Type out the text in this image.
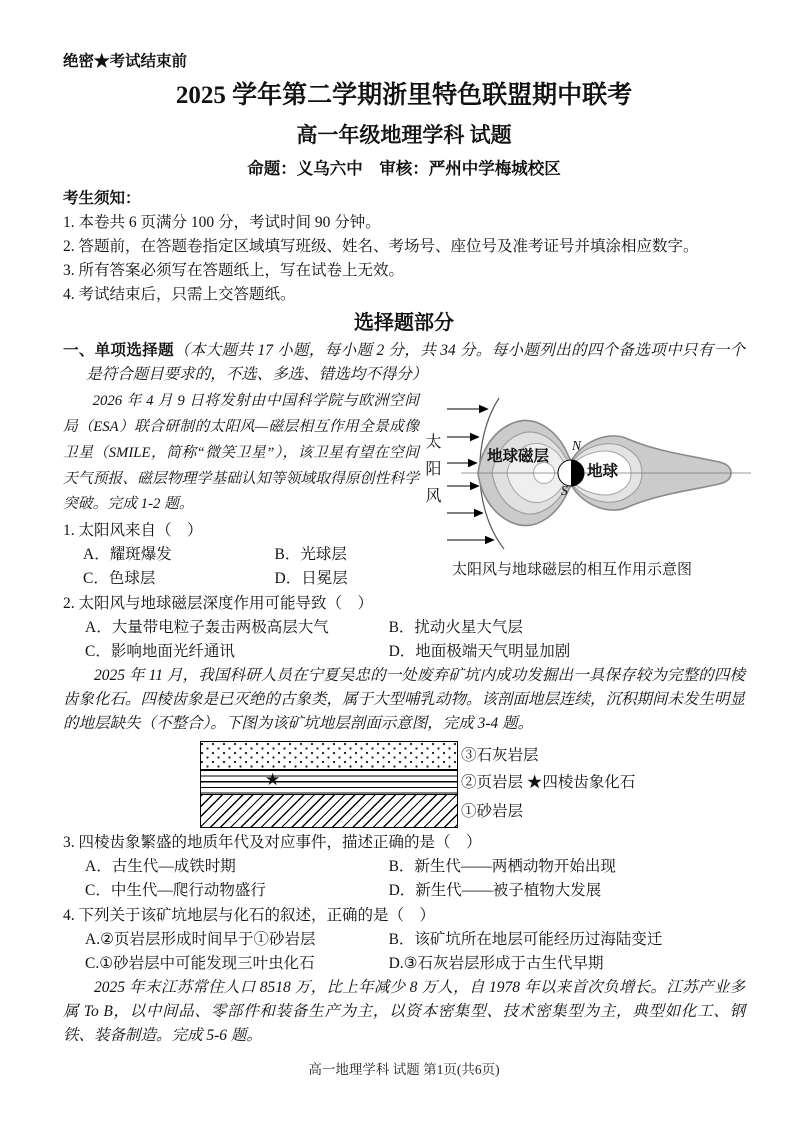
绝密★考试结束前
2025 学年第二学期浙里特色联盟期中联考
高一年级地理学科 试题
命题：义乌六中　审核：严州中学梅城校区
考生须知：
1. 本卷共 6 页满分 100 分，考试时间 90 分钟。
2. 答题前，在答题卷指定区域填写班级、姓名、考场号、座位号及准考证号并填涂相应数字。
3. 所有答案必须写在答题纸上，写在试卷上无效。
4. 考试结束后，只需上交答题纸。
选择题部分
一、单项选择题（本大题共 17 小题，每小题 2 分，共 34 分。每小题列出的四个备选项中只有一个是符合题目要求的，不选、多选、错选均不得分）
2026 年 4 月 9 日将发射由中国科学院与欧洲空间局（ESA）联合研制的太阳风—磁层相互作用全景成像卫星（SMILE，简称“微笑卫星”），该卫星有望在空间天气预报、磁层物理学基础认知等领域取得原创性科学突破。完成 1-2 题。
1. 太阳风来自（　）
A．耀斑爆发	B．光球层
C．色球层	D．日冕层
太阳风	地球磁层
地球
N
S
太阳风与地球磁层的相互作用示意图
2. 太阳风与地球磁层深度作用可能导致（　）
A．大量带电粒子轰击两极高层大气	B．扰动火星大气层
C．影响地面光纤通讯	D．地面极端天气明显加剧
2025 年 11 月，我国科研人员在宁夏吴忠的一处废弃矿坑内成功发掘出一具保存较为完整的四棱齿象化石。四棱齿象是已灭绝的古象类，属于大型哺乳动物。该剖面地层连续，沉积期间未发生明显的地层缺失（不整合）。下图为该矿坑地层剖面示意图，完成 3-4 题。
★
③石灰岩层
②页岩层 ★四棱齿象化石
①砂岩层
3. 四棱齿象繁盛的地质年代及对应事件，描述正确的是（　）
A．古生代—成铁时期	B．新生代——两栖动物开始出现
C．中生代—爬行动物盛行	D．新生代——被子植物大发展
4. 下列关于该矿坑地层与化石的叙述，正确的是（　）
A.②页岩层形成时间早于①砂岩层	B．该矿坑所在地层可能经历过海陆变迁
C.①砂岩层中可能发现三叶虫化石	D.③石灰岩层形成于古生代早期
2025 年末江苏常住人口 8518 万，比上年减少 8 万人，自 1978 年以来首次负增长。江苏产业多属 To B，以中间品、零部件和装备生产为主，以资本密集型、技术密集型为主，典型如化工、钢铁、装备制造。完成 5-6 题。
高一地理学科 试题 第1页(共6页)
